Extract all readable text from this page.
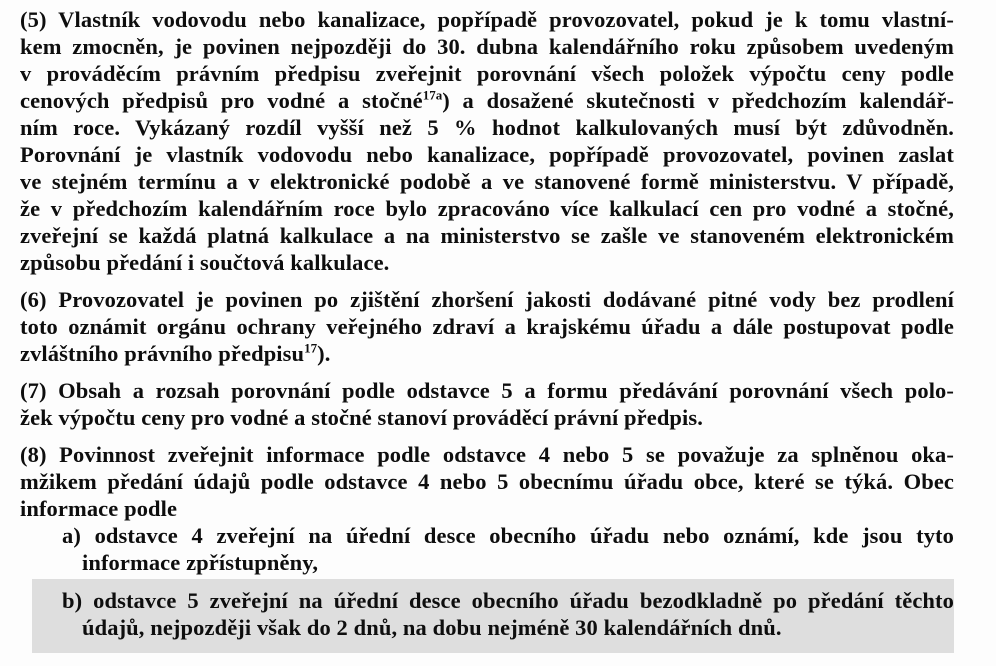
(5) Vlastník vodovodu nebo kanalizace, popřípadě provozovatel, pokud je k tomu vlastní-
kem zmocněn, je povinen nejpozději do 30. dubna kalendářního roku způsobem uvedeným
v prováděcím právním předpisu zveřejnit porovnání všech položek výpočtu ceny podle
cenových předpisů pro vodné a stočné$^{17a}$) a dosažené skutečnosti v předchozím kalendář-
ním roce. Vykázaný rozdíl vyšší než 5 % hodnot kalkulovaných musí být zdůvodněn.
Porovnání je vlastník vodovodu nebo kanalizace, popřípadě provozovatel, povinen zaslat
ve stejném termínu a v elektronické podobě a ve stanovené formě ministerstvu. V případě,
že v předchozím kalendářním roce bylo zpracováno více kalkulací cen pro vodné a stočné,
zveřejní se každá platná kalkulace a na ministerstvo se zašle ve stanoveném elektronickém
způsobu předání i součtová kalkulace.
(6) Provozovatel je povinen po zjištění zhoršení jakosti dodávané pitné vody bez prodlení
toto oznámit orgánu ochrany veřejného zdraví a krajskému úřadu a dále postupovat podle
zvláštního právního předpisu$^{17}$).
(7) Obsah a rozsah porovnání podle odstavce 5 a formu předávání porovnání všech polo-
žek výpočtu ceny pro vodné a stočné stanoví prováděcí právní předpis.
(8) Povinnost zveřejnit informace podle odstavce 4 nebo 5 se považuje za splněnou oka-
mžikem předání údajů podle odstavce 4 nebo 5 obecnímu úřadu obce, které se týká. Obec
informace podle
a) odstavce 4 zveřejní na úřední desce obecního úřadu nebo oznámí, kde jsou tyto
informace zpřístupněny,
b) odstavce 5 zveřejní na úřední desce obecního úřadu bezodkladně po předání těchto
údajů, nejpozději však do 2 dnů, na dobu nejméně 30 kalendářních dnů.
